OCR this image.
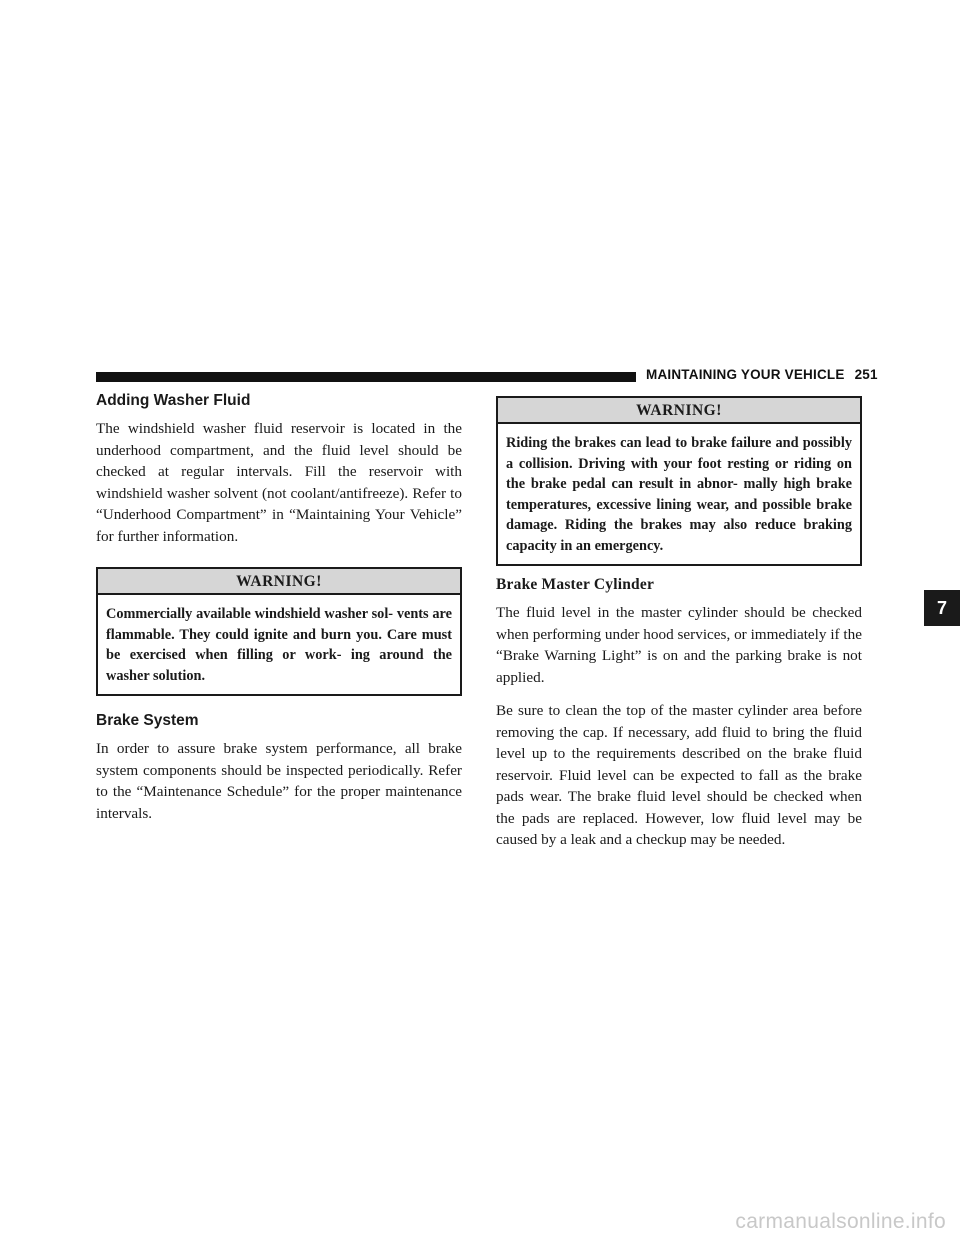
MAINTAINING YOUR VEHICLE 251
Adding Washer Fluid

The windshield washer fluid reservoir is located in the underhood compartment, and the fluid level should be checked at regular intervals. Fill the reservoir with windshield washer solvent (not coolant/antifreeze). Refer to “Underhood Compartment” in “Maintaining Your Vehicle” for further information.

WARNING!
Commercially available windshield washer sol- vents are flammable. They could ignite and burn you. Care must be exercised when filling or work- ing around the washer solution.
Brake System

In order to assure brake system performance, all brake system components should be inspected periodically. Refer to the “Maintenance Schedule” for the proper maintenance intervals.

WARNING!
Riding the brakes can lead to brake failure and possibly a collision. Driving with your foot resting or riding on the brake pedal can result in abnor- mally high brake temperatures, excessive lining wear, and possible brake damage. Riding the brakes may also reduce braking capacity in an emergency.
Brake Master Cylinder

The fluid level in the master cylinder should be checked when performing under hood services, or immediately if the “Brake Warning Light” is on and the parking brake is not applied.

Be sure to clean the top of the master cylinder area before removing the cap. If necessary, add fluid to bring the fluid level up to the requirements described on the brake fluid reservoir. Fluid level can be expected to fall as the brake pads wear. The brake fluid level should be checked when the pads are replaced. However, low fluid level may be caused by a leak and a checkup may be needed.

7
carmanualsonline.info
